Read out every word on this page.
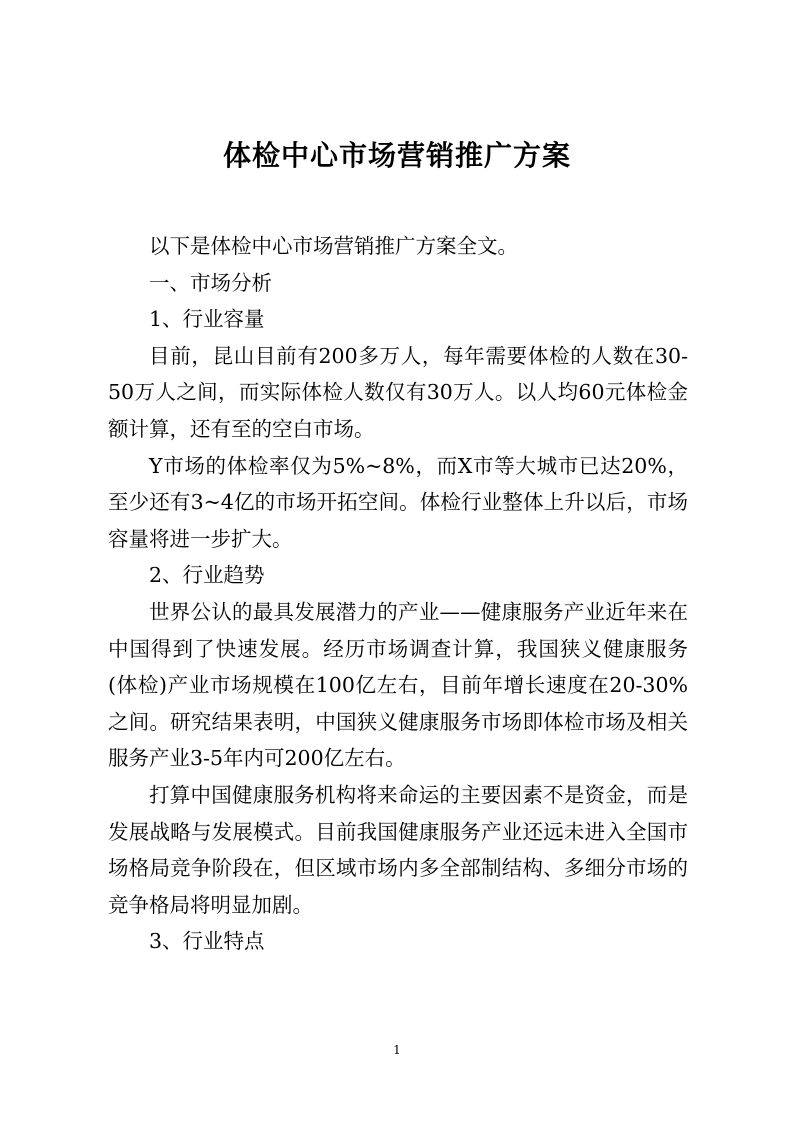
体检中心市场营销推广方案

以下是体检中心市场营销推广方案全文。

一、市场分析

1、行业容量

目前，昆山目前有200多万人，每年需要体检的人数在30-50万人之间，而实际体检人数仅有30万人。以人均60元体检金额计算，还有至的空白市场。

Y市场的体检率仅为5%~8%，而X市等大城市已达20%，至少还有3~4亿的市场开拓空间。体检行业整体上升以后，市场容量将进一步扩大。

2、行业趋势

世界公认的最具发展潜力的产业——健康服务产业近年来在中国得到了快速发展。经历市场调查计算，我国狭义健康服务(体检)产业市场规模在100亿左右，目前年增长速度在20-30%之间。研究结果表明，中国狭义健康服务市场即体检市场及相关服务产业3-5年内可200亿左右。

打算中国健康服务机构将来命运的主要因素不是资金，而是发展战略与发展模式。目前我国健康服务产业还远未进入全国市场格局竞争阶段在，但区域市场内多全部制结构、多细分市场的竞争格局将明显加剧。

3、行业特点

1
